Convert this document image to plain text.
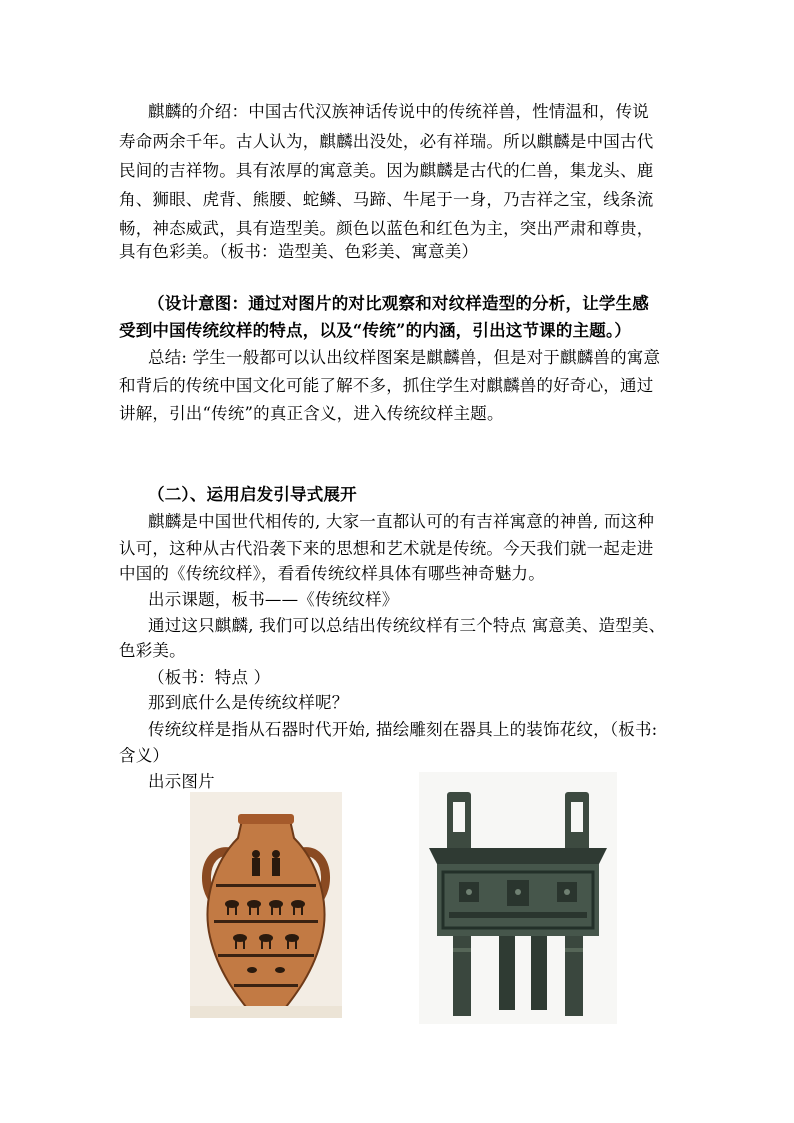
麒麟的介绍：中国古代汉族神话传说中的传统祥兽，性情温和，传说
寿命两余千年。古人认为，麒麟出没处，必有祥瑞。所以麒麟是中国古代
民间的吉祥物。具有浓厚的寓意美。因为麒麟是古代的仁兽，集龙头、鹿
角、狮眼、虎背、熊腰、蛇鳞、马蹄、牛尾于一身，乃吉祥之宝，线条流
畅，神态威武，具有造型美。颜色以蓝色和红色为主，突出严肃和尊贵，
具有色彩美。（板书：造型美、色彩美、寓意美）
（设计意图：通过对图片的对比观察和对纹样造型的分析，让学生感
受到中国传统纹样的特点，以及“传统”的内涵，引出这节课的主题。）
总结: 学生一般都可以认出纹样图案是麒麟兽，但是对于麒麟兽的寓意
和背后的传统中国文化可能了解不多，抓住学生对麒麟兽的好奇心，通过
讲解，引出“传统”的真正含义，进入传统纹样主题。
（二）、运用启发引导式展开
麒麟是中国世代相传的, 大家一直都认可的有吉祥寓意的神兽, 而这种
认可，这种从古代沿袭下来的思想和艺术就是传统。今天我们就一起走进
中国的《传统纹样》，看看传统纹样具体有哪些神奇魅力。
出示课题，板书——《传统纹样》
通过这只麒麟, 我们可以总结出传统纹样有三个特点 寓意美、造型美、
色彩美。
（板书：特点 ）
那到底什么是传统纹样呢？
传统纹样是指从石器时代开始, 描绘雕刻在器具上的装饰花纹，（板书:
含义）
出示图片
